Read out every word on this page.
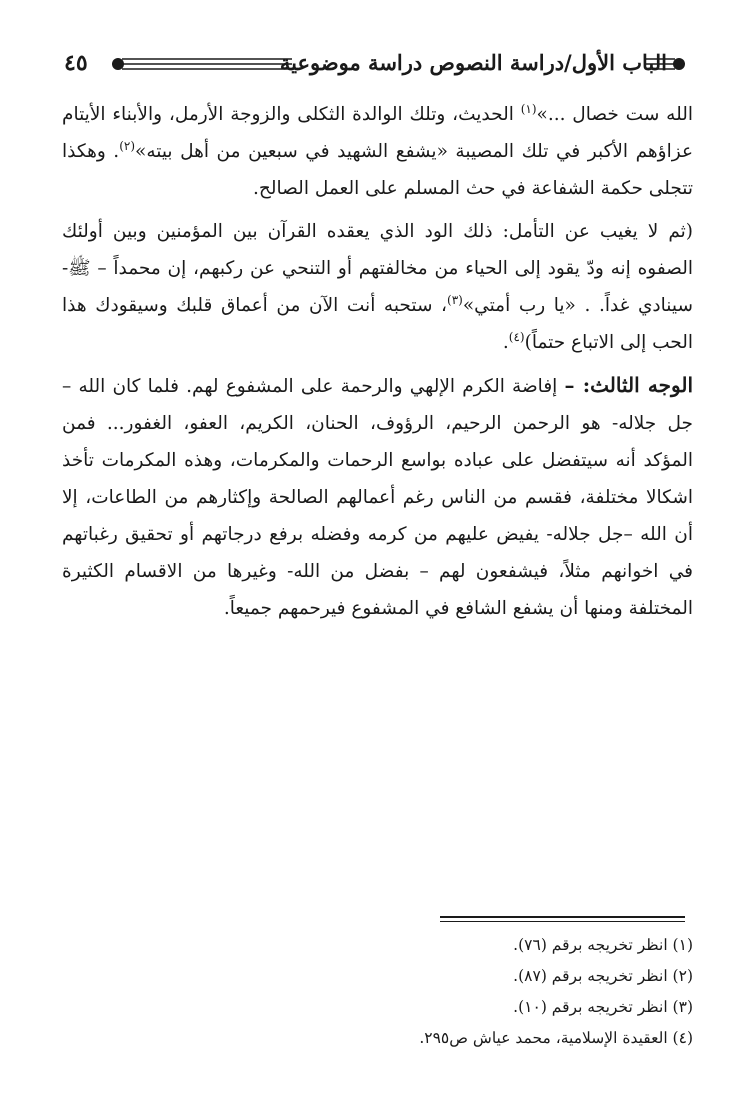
الباب الأول/دراسة النصوص دراسة موضوعية
٤٥

الله ست خصال ...»$^{(١)}$ الحديث، وتلك الوالدة الثكلى والزوجة الأرمل، والأبناء الأيتام عزاؤهم الأكبر في تلك المصيبة «يشفع الشهيد في سبعين من أهل بيته»$^{(٢)}$. وهكذا تتجلى حكمة الشفاعة في حث المسلم على العمل الصالح.

(ثم لا يغيب عن التأمل: ذلك الود الذي يعقده القرآن بين المؤمنين وبين أولئك الصفوه إنه ودّ يقود إلى الحياء من مخالفتهم أو التنحي عن ركبهم، إن محمداً – ﷺ- سينادي غداً. . «يا رب أمتي»$^{(٣)}$، ستحبه أنت الآن من أعماق قلبك وسيقودك هذا الحب إلى الاتباع حتماً)$^{(٤)}$.

الوجه الثالث: – إفاضة الكرم الإلهي والرحمة على المشفوع لهم. فلما كان الله – جل جلاله- هو الرحمن الرحيم، الرؤوف، الحنان، الكريم، العفو، الغفور... فمن المؤكد أنه سيتفضل على عباده بواسع الرحمات والمكرمات، وهذه المكرمات تأخذ اشكالا مختلفة، فقسم من الناس رغم أعمالهم الصالحة وإكثارهم من الطاعات، إلا أن الله –جل جلاله- يفيض عليهم من كرمه وفضله برفع درجاتهم أو تحقيق رغباتهم في اخوانهم مثلاً، فيشفعون لهم – بفضل من الله- وغيرها من الاقسام الكثيرة المختلفة ومنها أن يشفع الشافع في المشفوع فيرحمهم جميعاً.

(١) انظر تخريجه برقم (٧٦).
(٢) انظر تخريجه برقم (٨٧).
(٣) انظر تخريجه برقم (١٠).
(٤) العقيدة الإسلامية، محمد عياش ص٢٩٥.
